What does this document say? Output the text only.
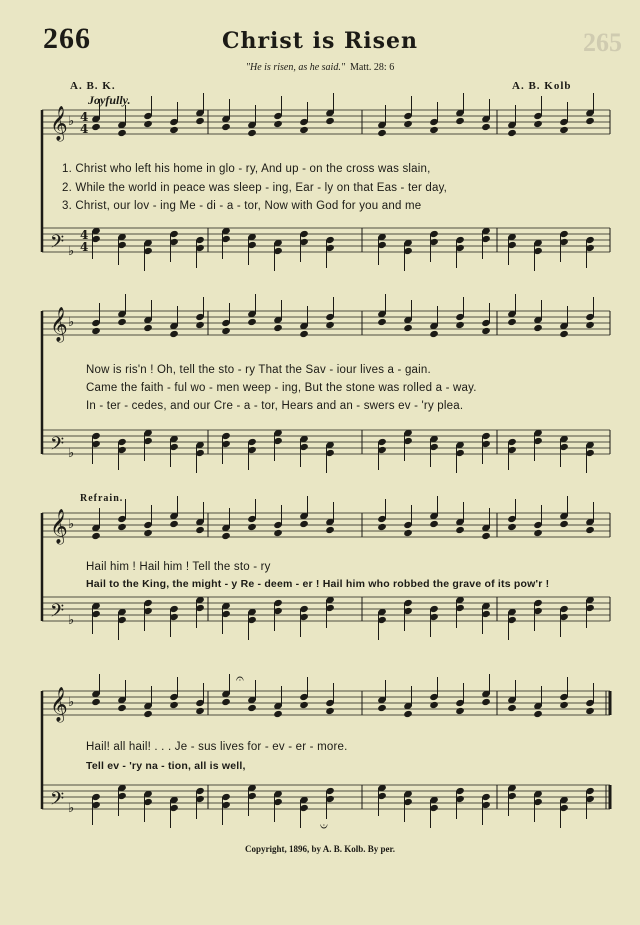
266	265
Christ is Risen
"He is risen, as he said." Matt. 28: 6
A. B. K.	A. B. Kolb
Joyfully.
Refrain.
1. Christ who left his home in glo - ry, And up - on the cross was slain,
2. While the world in peace was sleep - ing, Ear - ly on that Eas - ter day,
3. Christ, our lov - ing Me - di - a - tor, Now with God for you and me
Now is ris'n ! Oh, tell the sto - ry That the Sav - iour lives a - gain.
Came the faith - ful wo - men weep - ing, But the stone was rolled a - way.
In - ter - cedes, and our Cre - a - tor, Hears and an - swers ev - 'ry plea.
Hail him ! Hail him ! Tell the sto - ry
Hail to the King, the might - y Re - deem - er ! Hail him who robbed the grave of its pow'r !
Hail! all hail! . . . Je - sus lives for - ev - er - more.
Tell ev - 'ry na - tion, all is well,
Copyright, 1896, by A. B. Kolb. By per.
𝄞 ♭
𝄢 ♭
𝄞 ♭
𝄢 ♭
𝄞 ♭
𝄢 ♭
𝄞 ♭
𝄢 ♭
4
4
4
4
𝄐
𝄑
